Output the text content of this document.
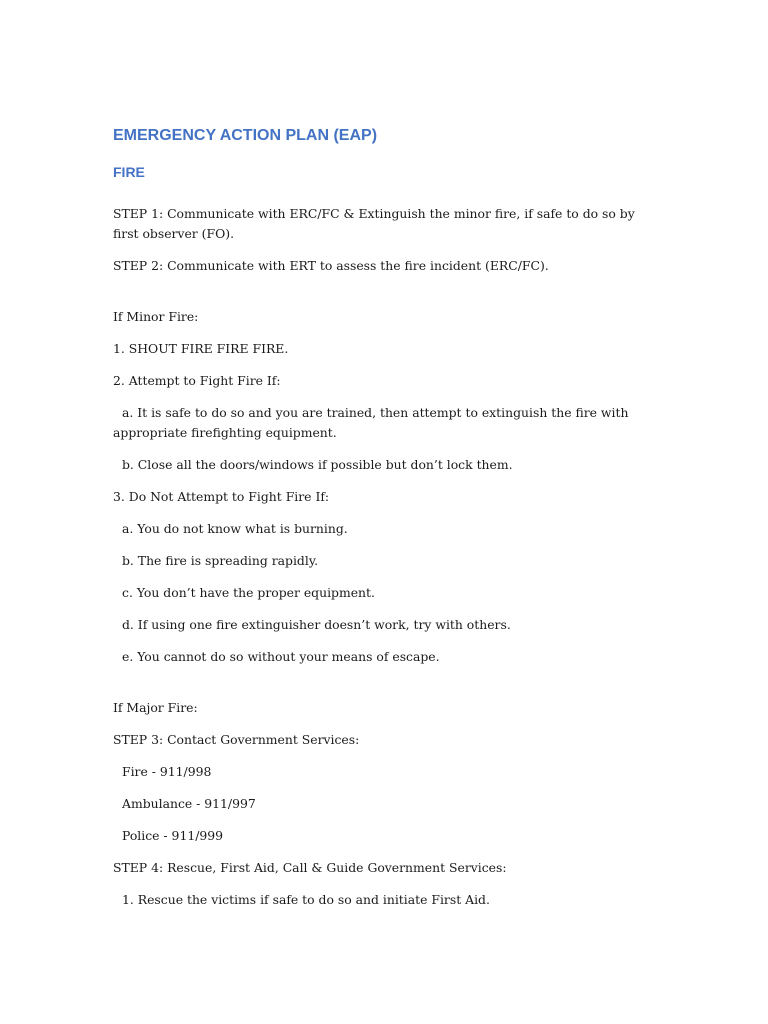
EMERGENCY ACTION PLAN (EAP)
FIRE

STEP 1: Communicate with ERC/FC & Extinguish the minor fire, if safe to do so by first observer (FO).

STEP 2: Communicate with ERT to assess the fire incident (ERC/FC).

If Minor Fire:

1. SHOUT FIRE FIRE FIRE.

2. Attempt to Fight Fire If:

a. It is safe to do so and you are trained, then attempt to extinguish the fire with appropriate firefighting equipment.

b. Close all the doors/windows if possible but don’t lock them.

3. Do Not Attempt to Fight Fire If:

a. You do not know what is burning.

b. The fire is spreading rapidly.

c. You don’t have the proper equipment.

d. If using one fire extinguisher doesn’t work, try with others.

e. You cannot do so without your means of escape.

If Major Fire:

STEP 3: Contact Government Services:

Fire - 911/998

Ambulance - 911/997

Police - 911/999

STEP 4: Rescue, First Aid, Call & Guide Government Services:

1. Rescue the victims if safe to do so and initiate First Aid.
